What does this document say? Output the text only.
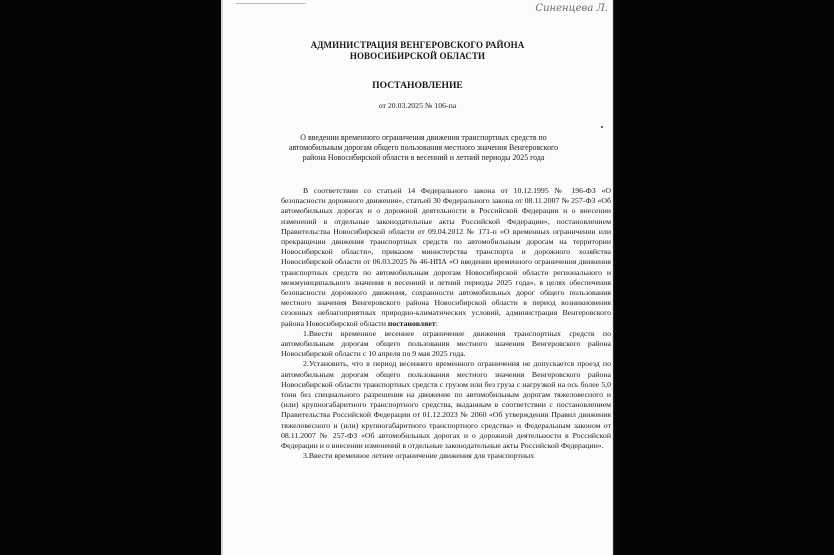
Синенцева Л.
АДМИНИСТРАЦИЯ ВЕНГЕРОВСКОГО РАЙОНА
НОВОСИБИРСКОЙ ОБЛАСТИ
ПОСТАНОВЛЕНИЕ
от 20.03.2025 № 106-па
О введении временного ограничения движения транспортных средств по
автомобильным дорогам общего пользования местного значения Венгеровского
района Новосибирской области в весенний и летний периоды 2025 года

В соответствии со статьей 14 Федерального закона от 10.12.1995 № 196-ФЗ «О безопасности дорожного движения», статьей 30 Федерального закона от 08.11.2007 № 257-ФЗ «Об автомобильных дорогах и о дорожной деятельности в Российской Федерации и о внесении изменений в отдельные законодательные акты Российской Федерации», постановлением Правительства Новосибирской области от 09.04.2012 № 171-п «О временных ограничении или прекращении движения транспортных средств по автомобильным дорогам на территории Новосибирской области», приказом министерства транспорта и дорожного хозяйства Новосибирской области от 06.03.2025 № 46-НПА «О введении временного ограничения движения транспортных средств по автомобильным дорогам Новосибирской области регионального и межмуниципального значения в весенний и летний периоды 2025 года», в целях обеспечения безопасности дорожного движения, сохранности автомобильных дорог общего пользования местного значения Венгеровского района Новосибирской области в период возникновения сезонных неблагоприятных природно-климатических условий, администрация Венгеровского района Новосибирской области постановляет:

1.Ввести временное весеннее ограничение движения транспортных средств по автомобильным дорогам общего пользования местного значения Венгеровского района Новосибирской области с 10 апреля по 9 мая 2025 года.

2.Установить, что в период весеннего временного ограничения не допускается проезд по автомобильным дорогам общего пользования местного значения Венгеровского района Новосибирской области транспортных средств с грузом или без груза с нагрузкой на ось более 5,0 тонн без специального разрешения на движение по автомобильным дорогам тяжеловесного и (или) крупногабаритного транспортного средства, выданным в соответствии с постановлением Правительства Российской Федерации от 01.12.2023 № 2060 «Об утверждении Правил движения тяжеловесного и (или) крупногабаритного транспортного средства» и Федеральным законом от 08.11.2007 № 257-ФЗ «Об автомобильных дорогах и о дорожной деятельности в Российской Федерации и о внесении изменений в отдельные законодательные акты Российской Федерации».

3.Ввести временное летнее ограничение движения для транспортных
